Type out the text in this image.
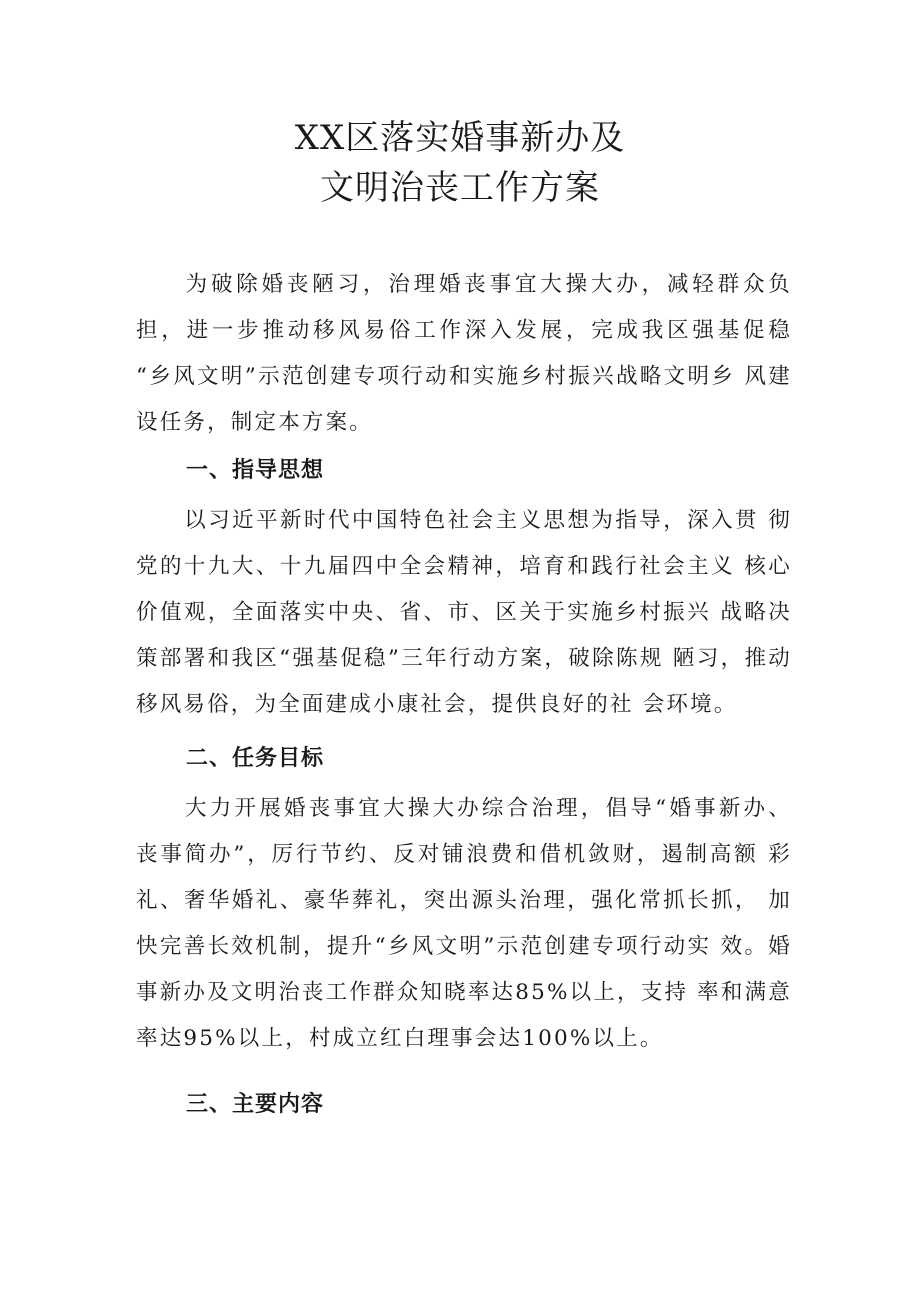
XX区落实婚事新办及
文明治丧工作方案

为破除婚丧陋习，治理婚丧事宜大操大办，减轻群众负 担，进一步推动移风易俗工作深入发展，完成我区强基促稳 “乡风文明”示范创建专项行动和实施乡村振兴战略文明乡 风建设任务，制定本方案。

一、指导思想

以习近平新时代中国特色社会主义思想为指导，深入贯 彻党的十九大、十九届四中全会精神，培育和践行社会主义 核心价值观，全面落实中央、省、市、区关于实施乡村振兴 战略决策部署和我区“强基促稳”三年行动方案，破除陈规 陋习，推动移风易俗，为全面建成小康社会，提供良好的社 会环境。

二、任务目标

大力开展婚丧事宜大操大办综合治理，倡导“婚事新办、 丧事简办”，厉行节约、反对铺浪费和借机敛财，遏制高额 彩礼、奢华婚礼、豪华葬礼，突出源头治理，强化常抓长抓， 加快完善长效机制，提升“乡风文明”示范创建专项行动实 效。婚事新办及文明治丧工作群众知晓率达85%以上，支持 率和满意率达95%以上，村成立红白理事会达100%以上。

三、主要内容
